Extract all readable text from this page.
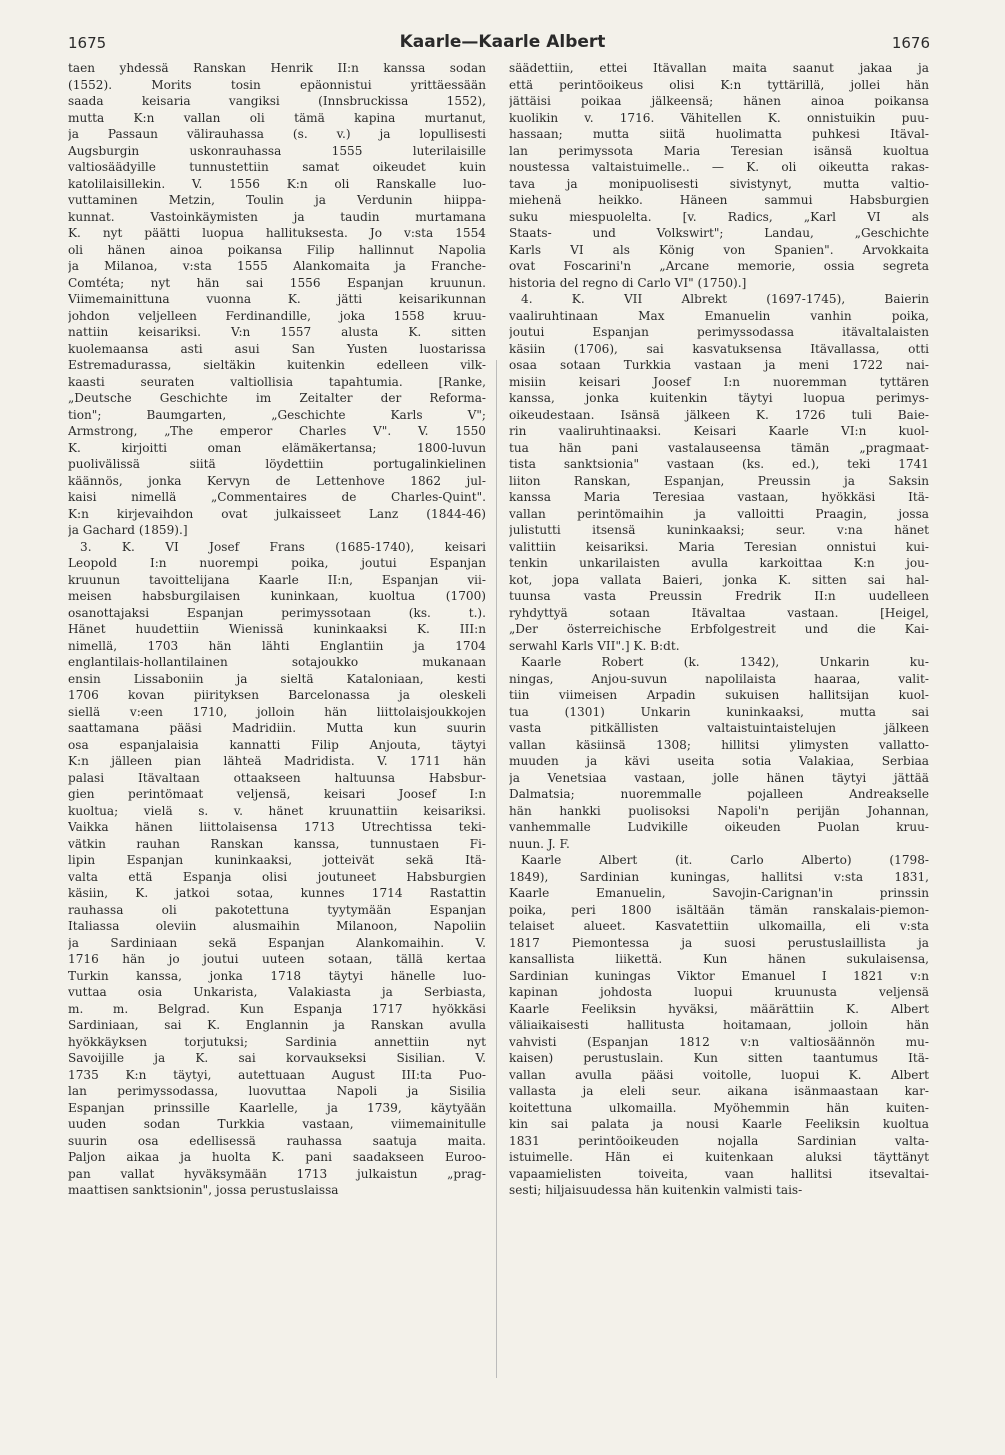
1675	Kaarle—Kaarle Albert	1676
taen yhdessä Ranskan Henrik II:n kanssa sodan
(1552). Morits tosin epäonnistui yrittäessään
saada keisaria vangiksi (Innsbruckissa 1552),
mutta K:n vallan oli tämä kapina murtanut,
ja Passaun välirauhassa (s. v.) ja lopullisesti
Augsburgin uskonrauhassa 1555 luterilaisille
valtiosäädyille tunnustettiin samat oikeudet kuin
katolilaisillekin. V. 1556 K:n oli Ranskalle luo-
vuttaminen Metzin, Toulin ja Verdunin hiippa-
kunnat. Vastoinkäymisten ja taudin murtamana
K. nyt päätti luopua hallituksesta. Jo v:sta 1554
oli hänen ainoa poikansa Filip hallinnut Napolia
ja Milanoa, v:sta 1555 Alankomaita ja Franche-
Comtéta; nyt hän sai 1556 Espanjan kruunun.
Viimemainittuna vuonna K. jätti keisarikunnan
johdon veljelleen Ferdinandille, joka 1558 kruu-
nattiin keisariksi. V:n 1557 alusta K. sitten
kuolemaansa asti asui San Yusten luostarissa
Estremadurassa, sieltäkin kuitenkin edelleen vilk-
kaasti seuraten valtiollisia tapahtumia. [Ranke,
„Deutsche Geschichte im Zeitalter der Reforma-
tion"; Baumgarten, „Geschichte Karls V";
Armstrong, „The emperor Charles V". V. 1550
K. kirjoitti oman elämäkertansa; 1800-luvun
puolivälissä siitä löydettiin portugalinkielinen
käännös, jonka Kervyn de Lettenhove 1862 jul-
kaisi nimellä „Commentaires de Charles-Quint".
K:n kirjevaihdon ovat julkaisseet Lanz (1844-46)
ja Gachard (1859).]
3. K. VI Josef Frans (1685-1740), keisari
Leopold I:n nuorempi poika, joutui Espanjan
kruunun tavoittelijana Kaarle II:n, Espanjan vii-
meisen habsburgilaisen kuninkaan, kuoltua (1700)
osanottajaksi Espanjan perimyssotaan (ks. t.).
Hänet huudettiin Wienissä kuninkaaksi K. III:n
nimellä, 1703 hän lähti Englantiin ja 1704
englantilais-hollantilainen sotajoukko mukanaan
ensin Lissaboniin ja sieltä Kataloniaan, kesti
1706 kovan piirityksen Barcelonassa ja oleskeli
siellä v:een 1710, jolloin hän liittolaisjoukkojen
saattamana pääsi Madridiin. Mutta kun suurin
osa espanjalaisia kannatti Filip Anjouta, täytyi
K:n jälleen pian lähteä Madridista. V. 1711 hän
palasi Itävaltaan ottaakseen haltuunsa Habsbur-
gien perintömaat veljensä, keisari Joosef I:n
kuoltua; vielä s. v. hänet kruunattiin keisariksi.
Vaikka hänen liittolaisensa 1713 Utrechtissa teki-
vätkin rauhan Ranskan kanssa, tunnustaen Fi-
lipin Espanjan kuninkaaksi, jotteivät sekä Itä-
valta että Espanja olisi joutuneet Habsburgien
käsiin, K. jatkoi sotaa, kunnes 1714 Rastattin
rauhassa oli pakotettuna tyytymään Espanjan
Italiassa oleviin alusmaihin Milanoon, Napoliin
ja Sardiniaan sekä Espanjan Alankomaihin. V.
1716 hän jo joutui uuteen sotaan, tällä kertaa
Turkin kanssa, jonka 1718 täytyi hänelle luo-
vuttaa osia Unkarista, Valakiasta ja Serbiasta,
m. m. Belgrad. Kun Espanja 1717 hyökkäsi
Sardiniaan, sai K. Englannin ja Ranskan avulla
hyökkäyksen torjutuksi; Sardinia annettiin nyt
Savoijille ja K. sai korvaukseksi Sisilian. V.
1735 K:n täytyi, autettuaan August III:ta Puo-
lan perimyssodassa, luovuttaa Napoli ja Sisilia
Espanjan prinssille Kaarlelle, ja 1739, käytyään
uuden sodan Turkkia vastaan, viimemainitulle
suurin osa edellisessä rauhassa saatuja maita.
Paljon aikaa ja huolta K. pani saadakseen Euroo-
pan vallat hyväksymään 1713 julkaistun „prag-
maattisen sanktsionin", jossa perustuslaissa
säädettiin, ettei Itävallan maita saanut jakaa ja
että perintöoikeus olisi K:n tyttärillä, jollei hän
jättäisi poikaa jälkeensä; hänen ainoa poikansa
kuolikin v. 1716. Vähitellen K. onnistuikin puu-
hassaan; mutta siitä huolimatta puhkesi Itäval-
lan perimyssota Maria Teresian isänsä kuoltua
noustessa valtaistuimelle.. — K. oli oikeutta rakas-
tava ja monipuolisesti sivistynyt, mutta valtio-
miehenä heikko. Häneen sammui Habsburgien
suku miespuolelta. [v. Radics, „Karl VI als
Staats- und Volkswirt"; Landau, „Geschichte
Karls VI als König von Spanien". Arvokkaita
ovat Foscarini'n „Arcane memorie, ossia segreta
historia del regno di Carlo VI" (1750).]
4. K. VII Albrekt (1697-1745), Baierin
vaaliruhtinaan Max Emanuelin vanhin poika,
joutui Espanjan perimyssodassa itävaltalaisten
käsiin (1706), sai kasvatuksensa Itävallassa, otti
osaa sotaan Turkkia vastaan ja meni 1722 nai-
misiin keisari Joosef I:n nuoremman tyttären
kanssa, jonka kuitenkin täytyi luopua perimys-
oikeudestaan. Isänsä jälkeen K. 1726 tuli Baie-
rin vaaliruhtinaaksi. Keisari Kaarle VI:n kuol-
tua hän pani vastalauseensa tämän „pragmaat-
tista sanktsionia" vastaan (ks. ed.), teki 1741
liiton Ranskan, Espanjan, Preussin ja Saksin
kanssa Maria Teresiaa vastaan, hyökkäsi Itä-
vallan perintömaihin ja valloitti Praagin, jossa
julistutti itsensä kuninkaaksi; seur. v:na hänet
valittiin keisariksi. Maria Teresian onnistui kui-
tenkin unkarilaisten avulla karkoittaa K:n jou-
kot, jopa vallata Baieri, jonka K. sitten sai hal-
tuunsa vasta Preussin Fredrik II:n uudelleen
ryhdyttyä sotaan Itävaltaa vastaan. [Heigel,
„Der österreichische Erbfolgestreit und die Kai-
serwahl Karls VII".] K. B:dt.
Kaarle Robert (k. 1342), Unkarin ku-
ningas, Anjou-suvun napolilaista haaraa, valit-
tiin viimeisen Arpadin sukuisen hallitsijan kuol-
tua (1301) Unkarin kuninkaaksi, mutta sai
vasta pitkällisten valtaistuintaistelujen jälkeen
vallan käsiinsä 1308; hillitsi ylimysten vallatto-
muuden ja kävi useita sotia Valakiaa, Serbiaa
ja Venetsiaa vastaan, jolle hänen täytyi jättää
Dalmatsia; nuoremmalle pojalleen Andreakselle
hän hankki puolisoksi Napoli'n perijän Johannan,
vanhemmalle Ludvikille oikeuden Puolan kruu-
nuun. J. F.
Kaarle Albert (it. Carlo Alberto) (1798-
1849), Sardinian kuningas, hallitsi v:sta 1831,
Kaarle Emanuelin, Savojin-Carignan'in prinssin
poika, peri 1800 isältään tämän ranskalais-piemon-
telaiset alueet. Kasvatettiin ulkomailla, eli v:sta
1817 Piemontessa ja suosi perustuslaillista ja
kansallista liikettä. Kun hänen sukulaisensa,
Sardinian kuningas Viktor Emanuel I 1821 v:n
kapinan johdosta luopui kruunusta veljensä
Kaarle Feeliksin hyväksi, määrättiin K. Albert
väliaikaisesti hallitusta hoitamaan, jolloin hän
vahvisti (Espanjan 1812 v:n valtiosäännön mu-
kaisen) perustuslain. Kun sitten taantumus Itä-
vallan avulla pääsi voitolle, luopui K. Albert
vallasta ja eleli seur. aikana isänmaastaan kar-
koitettuna ulkomailla. Myöhemmin hän kuiten-
kin sai palata ja nousi Kaarle Feeliksin kuoltua
1831 perintöoikeuden nojalla Sardinian valta-
istuimelle. Hän ei kuitenkaan aluksi täyttänyt
vapaamielisten toiveita, vaan hallitsi itsevaltai-
sesti; hiljaisuudessa hän kuitenkin valmisti tais-
